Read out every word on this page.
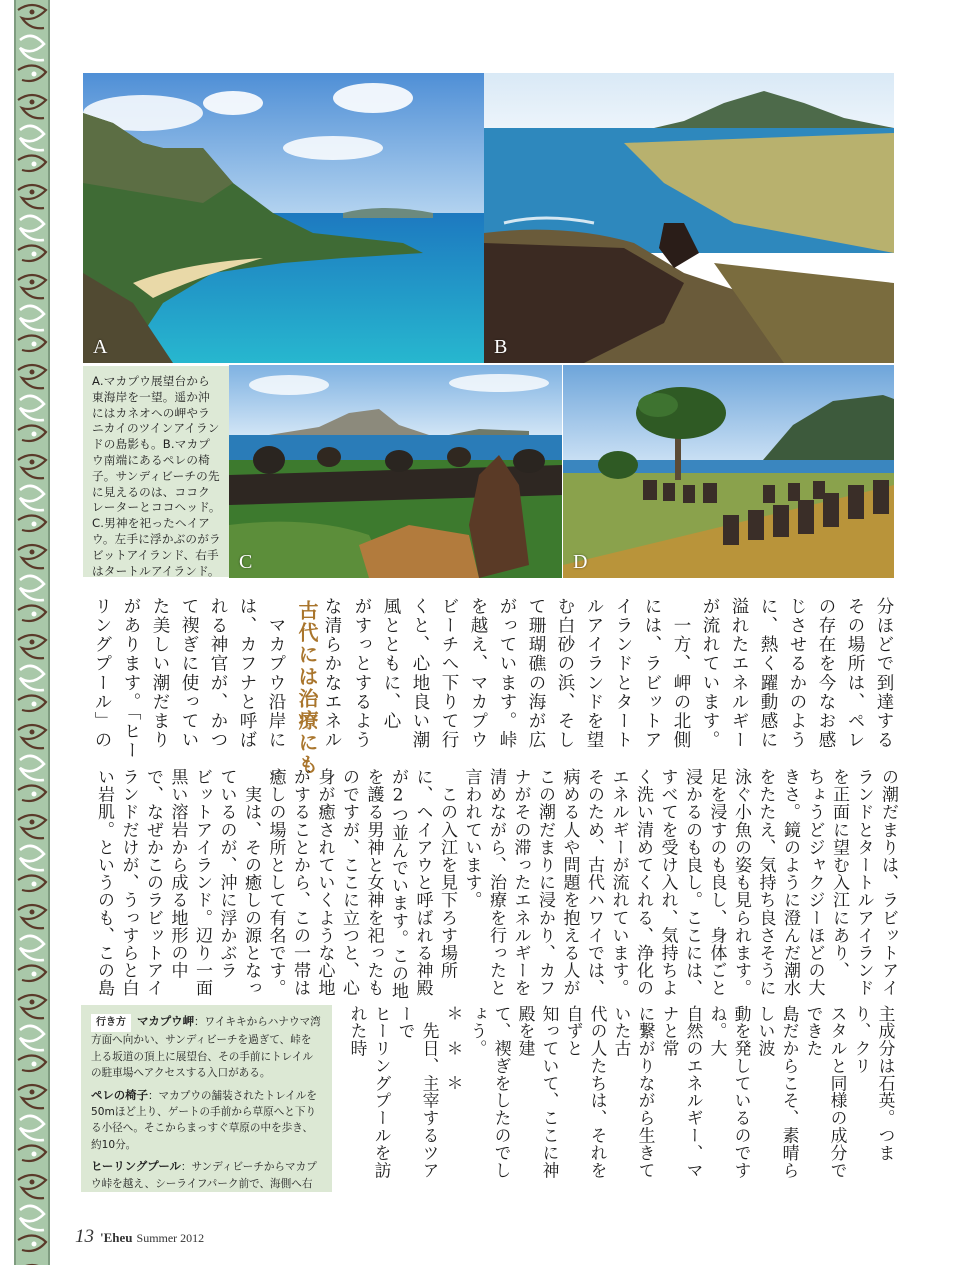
A	B
A.マカプウ展望台から東海岸を一望。遥か沖にはカネオヘの岬やラニカイのツインアイランドの島影も。B.マカプウ南端にあるペレの椅子。サンディビーチの先に見えるのは、ココクレーターとココヘッド。C.男神を祀ったヘイアウ。左手に浮かぶのがラビットアイランド、右手はタートルアイランド。 C	D
分ほどで到達する
その場所は、ペレ
の存在を今なお感
じさせるかのよう
に、熱く躍動感に
溢れたエネルギー
が流れています。
　一方、岬の北側
には、ラビットア
イランドとタート
ルアイランドを望
む白砂の浜、そし
て珊瑚礁の海が広
がっています。峠
を越え、マカプウ
ビーチへ下りて行
くと、心地良い潮
風とともに、心
がすっとするよう
な清らかなエネル
古代には治療にも
　マカプウ沿岸に
は、カフナと呼ば
れる神官が、かつ
て禊ぎに使ってい
た美しい潮だまり
があります。「ヒー
リングプール」の
の潮だまりは、ラビットアイ
ランドとタートルアイランド
を正面に望む入江にあり、
ちょうどジャクジーほどの大
きさ。鏡のように澄んだ潮水
をたたえ、気持ち良さそうに
泳ぐ小魚の姿も見られます。
足を浸すのも良し、身体ごと
浸かるのも良し。ここには、
すべてを受け入れ、気持ちよ
く洗い清めてくれる、浄化の
エネルギーが流れています。
そのため、古代ハワイでは、
病める人や問題を抱える人が
この潮だまりに浸かり、カフ
ナがその滞ったエネルギーを
清めながら、治療を行ったと
言われています。
　この入江を見下ろす場所
に、ヘイアウと呼ばれる神殿
が2つ並んでいます。この地
を護る男神と女神を祀ったも
のですが、ここに立つと、心
身が癒されていくような心地
がすることから、この一帯は
癒しの場所として有名です。
　実は、その癒しの源となっ
ているのが、沖に浮かぶラ
ビットアイランド。辺り一面
黒い溶岩から成る地形の中
で、なぜかこのラビットアイ
ランドだけが、うっすらと白
い岩肌。というのも、この島
主成分は石英。つまり、クリ
スタルと同様の成分でできた
島だからこそ、素晴らしい波
動を発しているのですね。大
自然のエネルギー、マナと常
に繋がりながら生きていた古
代の人たちは、それを自ずと
知っていて、ここに神殿を建
て、禊ぎをしたのでしょう。
＊　＊　＊
　先日、主宰するツアーで
ヒーリングプールを訪れた時

行き方 マカプウ岬：ワイキキからハナウマ湾方面へ向かい、サンディビーチを過ぎて、峠を上る坂道の頂上に展望台、その手前にトレイルの駐車場へアクセスする入口がある。
ペレの椅子：マカプウの舗装されたトレイルを50mほど上り、ゲートの手前から草原へと下りる小径へ。そこからまっすぐ草原の中を歩き、約10分。
ヒーリングプール：サンディビーチからマカプウ峠を越え、シーライフパーク前で、海側へ右
13 'Eheu Summer 2012
